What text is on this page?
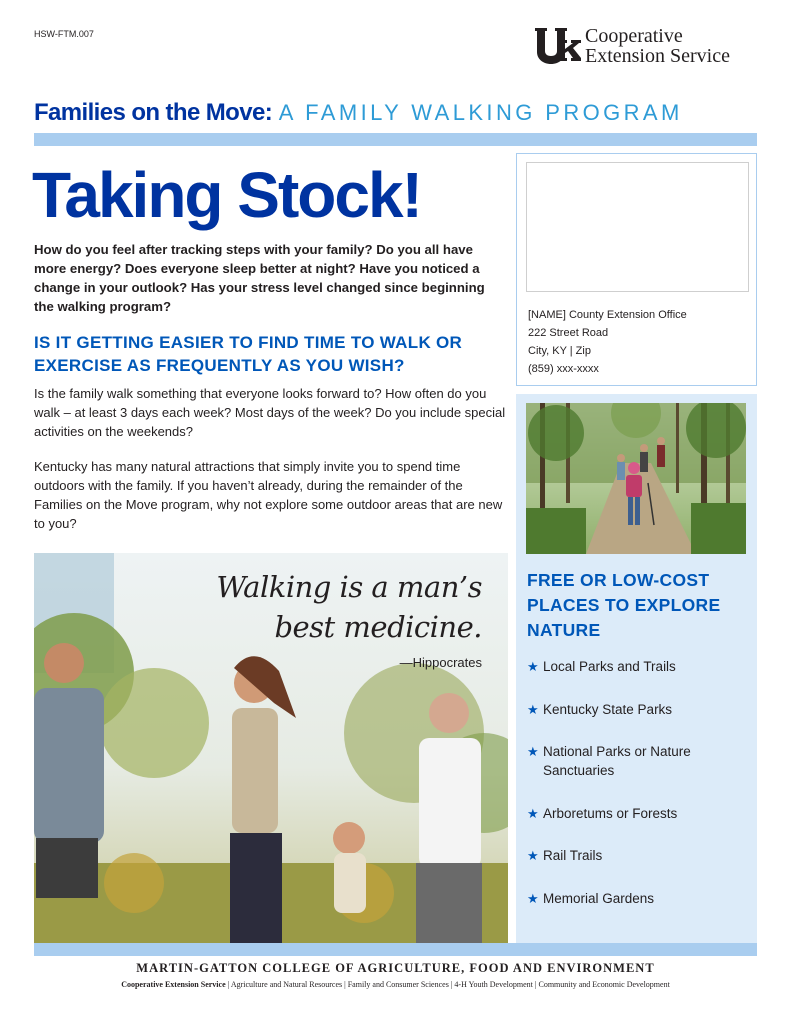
HSW-FTM.007	Cooperative
Extension Service
Families on the Move: A FAMILY WALKING PROGRAM
Taking Stock!

How do you feel after tracking steps with your family? Do you all have more energy? Does everyone sleep better at night? Have you noticed a change in your outlook? Has your stress level changed since beginning the walking program?

IS IT GETTING EASIER TO FIND TIME TO WALK OR EXERCISE AS FREQUENTLY AS YOU WISH?

Is the family walk something that everyone looks forward to? How often do you walk – at least 3 days each week? Most days of the week? Do you include special activities on the weekends?

Kentucky has many natural attractions that simply invite you to spend time outdoors with the family. If you haven’t already, during the remainder of the Families on the Move program, why not explore some outdoor areas that are new to you?

[NAME] County Extension Office
222 Street Road
City, KY | Zip
(859) xxx-xxxx
FREE OR LOW-COST PLACES TO EXPLORE NATURE
★ Local Parks and Trails
★ Kentucky State Parks
★ National Parks or Nature Sanctuaries
★ Arboretums or Forests
★ Rail Trails
★ Memorial Gardens
Walking is a man’s
best medicine.
—Hippocrates
MARTIN-GATTON COLLEGE OF AGRICULTURE, FOOD AND ENVIRONMENT
Cooperative Extension Service | Agriculture and Natural Resources | Family and Consumer Sciences | 4-H Youth Development | Community and Economic Development
